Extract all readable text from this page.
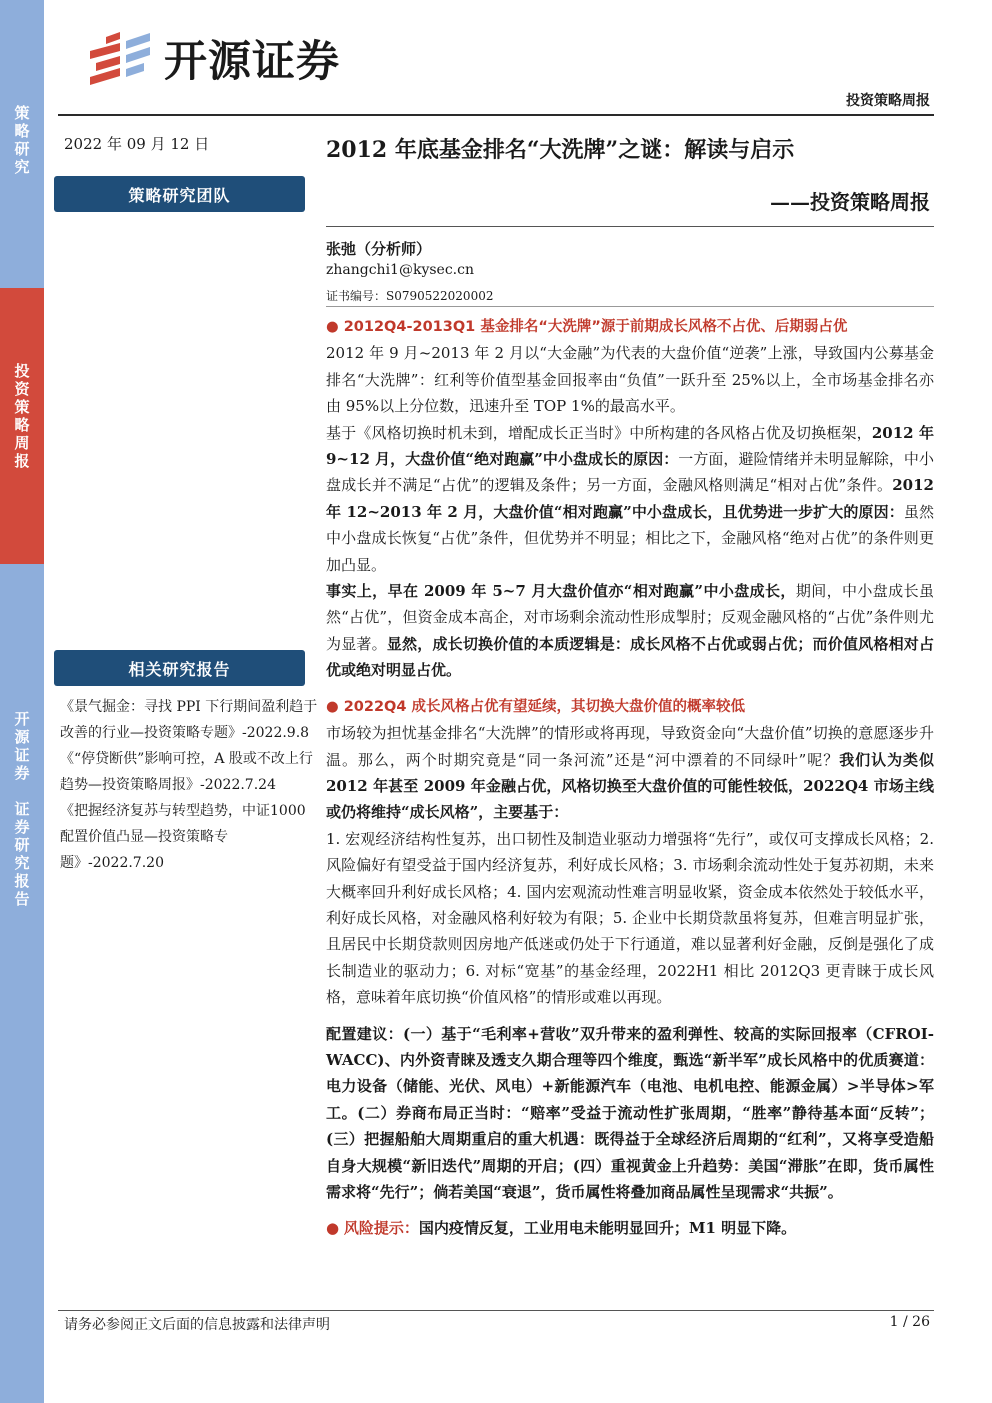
策
略
研
究
投
资
策
略
周
报
开
源
证
券

证
券
研
究
报
告
开源证券
投资策略周报
2022 年 09 月 12 日
策略研究团队
相关研究报告

《景气掘金：寻找 PPI 下行期间盈利趋于改善的行业—投资策略专题》-2022.9.8

《“停贷断供”影响可控，A 股或不改上行趋势—投资策略周报》-2022.7.24

《把握经济复苏与转型趋势，中证1000 配置价值凸显—投资策略专题》-2022.7.20

2012 年底基金排名“大洗牌”之谜：解读与启示
——投资策略周报
张弛（分析师）
zhangchi1@kysec.cn
证书编号：S0790522020002

● 2012Q4-2013Q1 基金排名“大洗牌”源于前期成长风格不占优、后期弱占优

2012 年 9 月~2013 年 2 月以“大金融”为代表的大盘价值“逆袭”上涨，导致国内公募基金排名“大洗牌”：红利等价值型基金回报率由“负值”一跃升至 25%以上，全市场基金排名亦由 95%以上分位数，迅速升至 TOP 1%的最高水平。

基于《风格切换时机未到，增配成长正当时》中所构建的各风格占优及切换框架，2012 年 9~12 月，大盘价值“绝对跑赢”中小盘成长的原因：一方面，避险情绪并未明显解除，中小盘成长并不满足“占优”的逻辑及条件；另一方面，金融风格则满足“相对占优”条件。2012 年 12~2013 年 2 月，大盘价值“相对跑赢”中小盘成长，且优势进一步扩大的原因：虽然中小盘成长恢复“占优”条件，但优势并不明显；相比之下，金融风格“绝对占优”的条件则更加凸显。

事实上，早在 2009 年 5~7 月大盘价值亦“相对跑赢”中小盘成长，期间，中小盘成长虽然“占优”，但资金成本高企，对市场剩余流动性形成掣肘；反观金融风格的“占优”条件则尤为显著。显然，成长切换价值的本质逻辑是：成长风格不占优或弱占优；而价值风格相对占优或绝对明显占优。

● 2022Q4 成长风格占优有望延续，其切换大盘价值的概率较低

市场较为担忧基金排名“大洗牌”的情形或将再现，导致资金向“大盘价值”切换的意愿逐步升温。那么，两个时期究竟是“同一条河流”还是“河中漂着的不同绿叶”呢？我们认为类似 2012 年甚至 2009 年金融占优，风格切换至大盘价值的可能性较低，2022Q4 市场主线或仍将维持“成长风格”，主要基于：

1. 宏观经济结构性复苏，出口韧性及制造业驱动力增强将“先行”，或仅可支撑成长风格；2. 风险偏好有望受益于国内经济复苏，利好成长风格；3. 市场剩余流动性处于复苏初期，未来大概率回升利好成长风格；4. 国内宏观流动性难言明显收紧，资金成本依然处于较低水平，利好成长风格，对金融风格利好较为有限；5. 企业中长期贷款虽将复苏，但难言明显扩张，且居民中长期贷款则因房地产低迷或仍处于下行通道，难以显著利好金融，反倒是强化了成长制造业的驱动力；6. 对标“宽基”的基金经理，2022H1 相比 2012Q3 更青睐于成长风格，意味着年底切换“价值风格”的情形或难以再现。

配置建议：(一）基于“毛利率+营收”双升带来的盈利弹性、较高的实际回报率（CFROI-WACC)、内外资青睐及透支久期合理等四个维度，甄选“新半军”成长风格中的优质赛道：电力设备（储能、光伏、风电）+新能源汽车（电池、电机电控、能源金属）>半导体>军工。(二）券商布局正当时：“赔率”受益于流动性扩张周期，“胜率”静待基本面“反转”；(三）把握船舶大周期重启的重大机遇：既得益于全球经济后周期的“红利”，又将享受造船自身大规模“新旧迭代”周期的开启；(四）重视黄金上升趋势：美国“滞胀”在即，货币属性需求将“先行”；倘若美国“衰退”，货币属性将叠加商品属性呈现需求“共振”。

● 风险提示：国内疫情反复，工业用电未能明显回升；M1 明显下降。

请务必参阅正文后面的信息披露和法律声明	1 / 26
